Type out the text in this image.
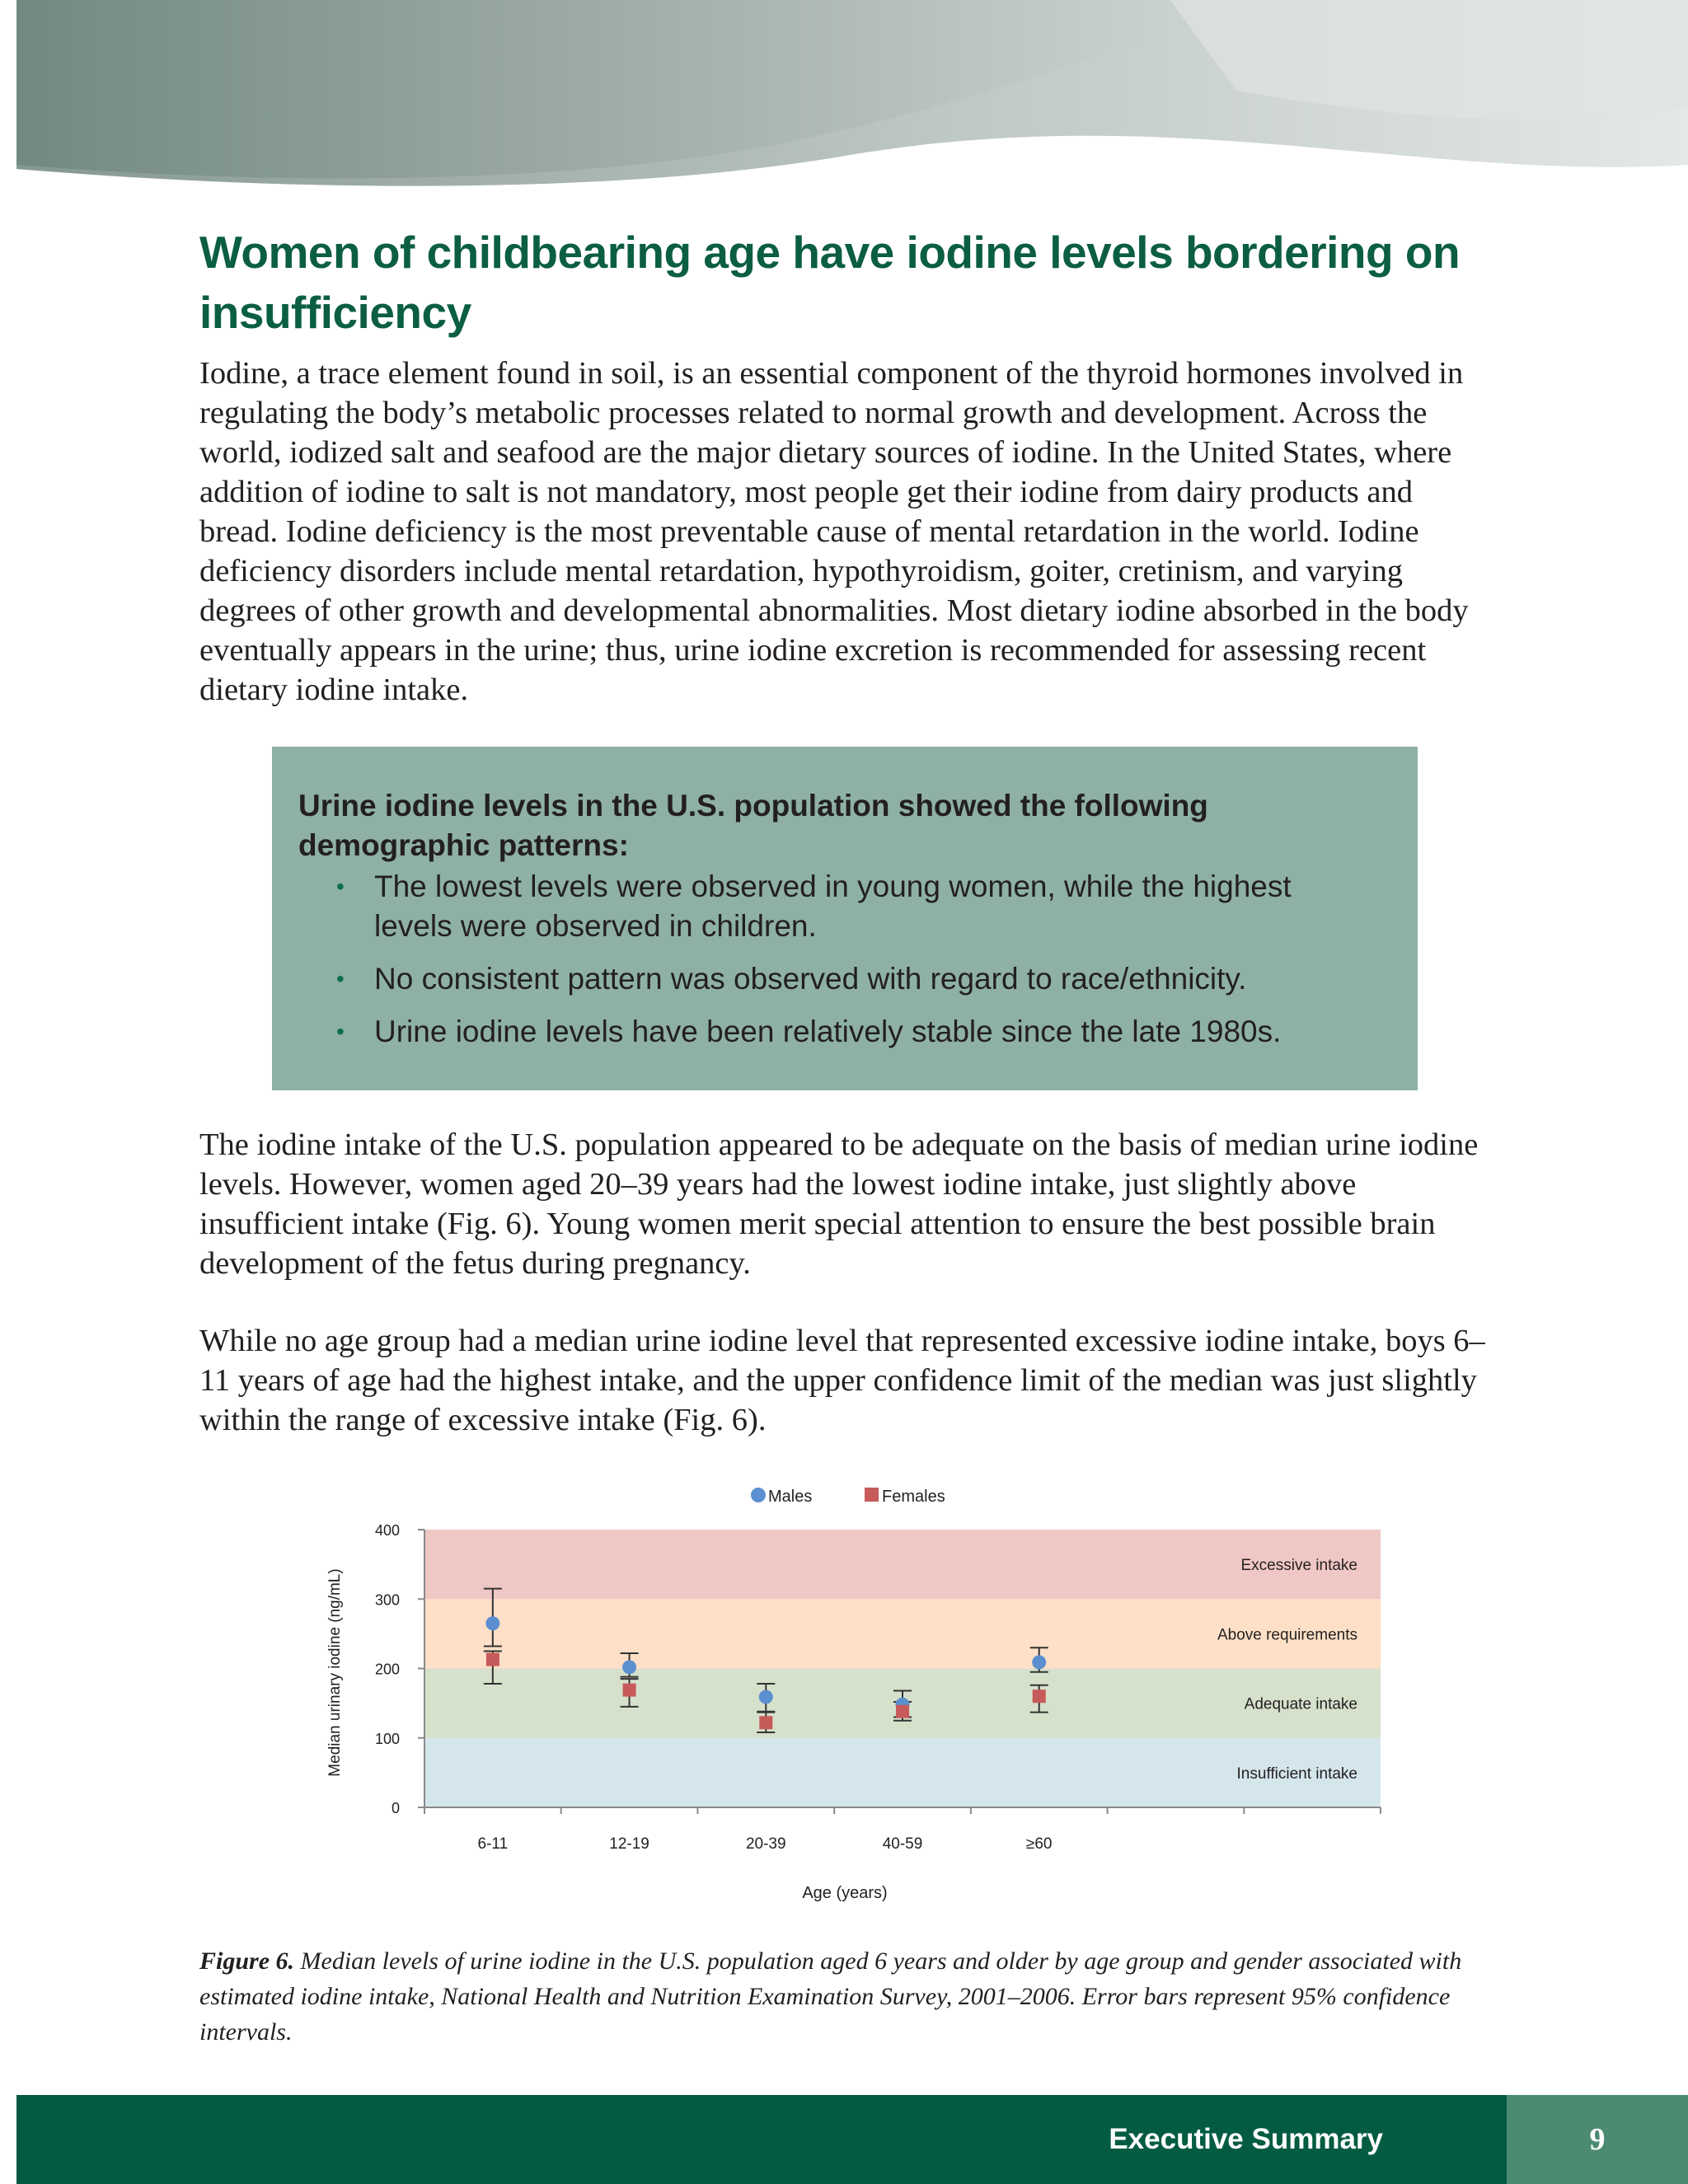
Women of childbearing age have iodine levels bordering on insufficiency
Iodine, a trace element found in soil, is an essential component of the thyroid hormones involved in regulating the body’s metabolic processes related to normal growth and development. Across the world, iodized salt and seafood are the major dietary sources of iodine. In the United States, where addition of iodine to salt is not mandatory, most people get their iodine from dairy products and bread. Iodine deficiency is the most preventable cause of mental retardation in the world. Iodine deficiency disorders include mental retardation, hypothyroidism, goiter, cretinism, and varying degrees of other growth and developmental abnormalities. Most dietary iodine absorbed in the body eventually appears in the urine; thus, urine iodine excretion is recommended for assessing recent dietary iodine intake.
Urine iodine levels in the U.S. population showed the following demographic patterns:
• The lowest levels were observed in young women, while the highest levels were observed in children.
• No consistent pattern was observed with regard to race/ethnicity.
• Urine iodine levels have been relatively stable since the late 1980s.
The iodine intake of the U.S. population appeared to be adequate on the basis of median urine iodine levels. However, women aged 20–39 years had the lowest iodine intake, just slightly above insufficient intake (Fig. 6). Young women merit special attention to ensure the best possible brain development of the fetus during pregnancy.
While no age group had a median urine iodine level that represented excessive iodine intake, boys 6–11 years of age had the highest intake, and the upper confidence limit of the median was just slightly within the range of excessive intake (Fig. 6).
Insufficient intake
Adequate intake
Above requirements
Excessive intake
0
100
200
300
400
6-11	12-19	20-39	40-59	≥60
Age (years)
Median urinary iodine (ng/mL)
Males	Females
Figure 6. Median levels of urine iodine in the U.S. population aged 6 years and older by age group and gender associated with estimated iodine intake, National Health and Nutrition Examination Survey, 2001–2006. Error bars represent 95% confidence intervals.
Executive Summary	9
